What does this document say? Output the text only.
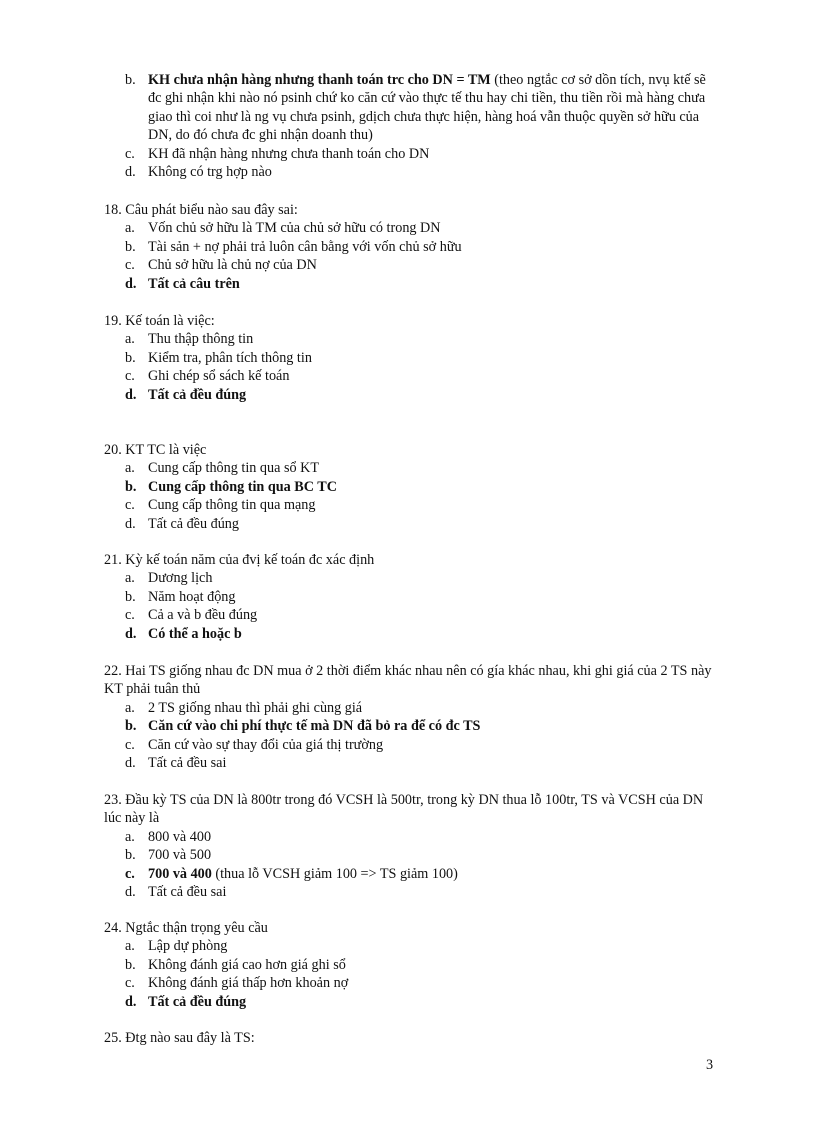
b. KH chưa nhận hàng nhưng thanh toán trc cho DN = TM (theo ngtắc cơ sở dồn tích, nvụ ktế sẽ đc ghi nhận khi nào nó psinh chứ ko căn cứ vào thực tế thu hay chi tiền, thu tiền rồi mà hàng chưa giao thì coi như là ng vụ chưa psinh, gdịch chưa thực hiện, hàng hoá vẫn thuộc quyền sở hữu của DN, do đó chưa đc ghi nhận doanh thu)
c. KH đã nhận hàng nhưng chưa thanh toán cho DN
d. Không có trg hợp nào

18. Câu phát biểu nào sau đây sai:

a. Vốn chủ sở hữu là TM của chủ sở hữu có trong DN
b. Tài sản + nợ phải trả luôn cân bằng với vốn chủ sở hữu
c. Chủ sở hữu là chủ nợ của DN
d. Tất cả câu trên

19. Kế toán là việc:

a. Thu thập thông tin
b. Kiểm tra, phân tích thông tin
c. Ghi chép sổ sách kế toán
d. Tất cả đều đúng

20. KT TC là việc

a. Cung cấp thông tin qua sổ KT
b. Cung cấp thông tin qua BC TC
c. Cung cấp thông tin qua mạng
d. Tất cả đều đúng

21. Kỳ kế toán năm của đvị kế toán đc xác định

a. Dương lịch
b. Năm hoạt động
c. Cả a và b đều đúng
d. Có thể a hoặc b

22. Hai TS giống nhau đc DN mua ở 2 thời điểm khác nhau nên có gía khác nhau, khi ghi giá của 2 TS này KT phải tuân thủ

a. 2 TS giống nhau thì phải ghi cùng giá
b. Căn cứ vào chi phí thực tế mà DN đã bỏ ra để có đc TS
c. Căn cứ vào sự thay đổi của giá thị trường
d. Tất cả đều sai

23. Đầu kỳ TS của DN là 800tr trong đó VCSH là 500tr, trong kỳ DN thua lỗ 100tr, TS và VCSH của DN lúc này là

a. 800 và 400
b. 700 và 500
c. 700 và 400 (thua lỗ VCSH giảm 100 => TS giảm 100)
d. Tất cả đều sai

24. Ngtắc thận trọng yêu cầu

a. Lập dự phòng
b. Không đánh giá cao hơn giá ghi sổ
c. Không đánh giá thấp hơn khoản nợ
d. Tất cả đều đúng

25. Đtg nào sau đây là TS:

3
